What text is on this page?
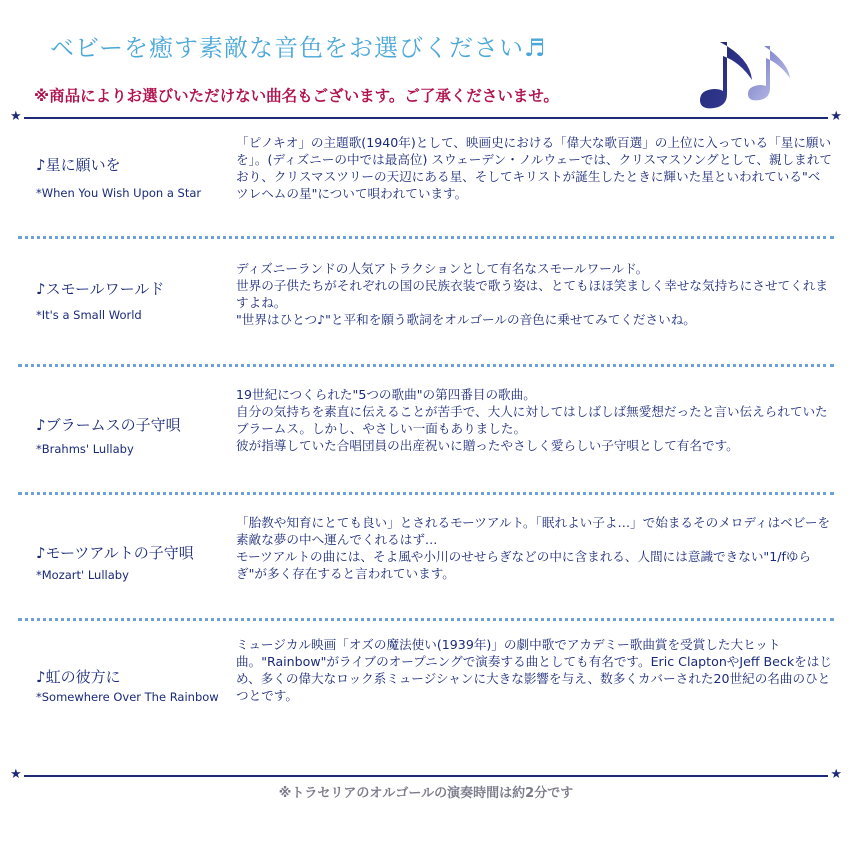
ベビーを癒す素敵な音色をお選びください♬
※商品によりお選びいただけない曲名もございます。ご了承くださいませ。
★	★
♪星に願いを
*When You Wish Upon a Star

「ピノキオ」の主題歌(1940年)として、映画史における「偉大な歌百選」の上位に入っている「星に願いを」。(ディズニーの中では最高位) スウェーデン・ノルウェーでは、クリスマスソングとして、親しまれており、クリスマスツリーの天辺にある星、そしてキリストが誕生したときに輝いた星といわれている"ベツレヘムの星"について唄われています。

♪スモールワールド
*It's a Small World

ディズニーランドの人気アトラクションとして有名なスモールワールド。

世界の子供たちがそれぞれの国の民族衣装で歌う姿は、とてもほほ笑ましく幸せな気持ちにさせてくれますよね。

"世界はひとつ♪"と平和を願う歌詞をオルゴールの音色に乗せてみてくださいね。

♪ブラームスの子守唄
*Brahms' Lullaby

19世紀につくられた"5つの歌曲"の第四番目の歌曲。

自分の気持ちを素直に伝えることが苦手で、大人に対してはしばしば無愛想だったと言い伝えられていたブラームス。しかし、やさしい一面もありました。

彼が指導していた合唱団員の出産祝いに贈ったやさしく愛らしい子守唄として有名です。

♪モーツアルトの子守唄
*Mozart' Lullaby

「胎教や知育にとても良い」とされるモーツアルト。「眠れよい子よ…」で始まるそのメロディはベビーを素敵な夢の中へ運んでくれるはず…

モーツアルトの曲には、そよ風や小川のせせらぎなどの中に含まれる、人間には意識できない"1/fゆらぎ"が多く存在すると言われています。

♪虹の彼方に
*Somewhere Over The Rainbow

ミュージカル映画「オズの魔法使い(1939年)」の劇中歌でアカデミー歌曲賞を受賞した大ヒット曲。"Rainbow"がライブのオープニングで演奏する曲としても有名です。Eric ClaptonやJeff Beckをはじめ、多くの偉大なロック系ミュージシャンに大きな影響を与え、数多くカバーされた20世紀の名曲のひとつとです。

★	★
※トラセリアのオルゴールの演奏時間は約2分です
